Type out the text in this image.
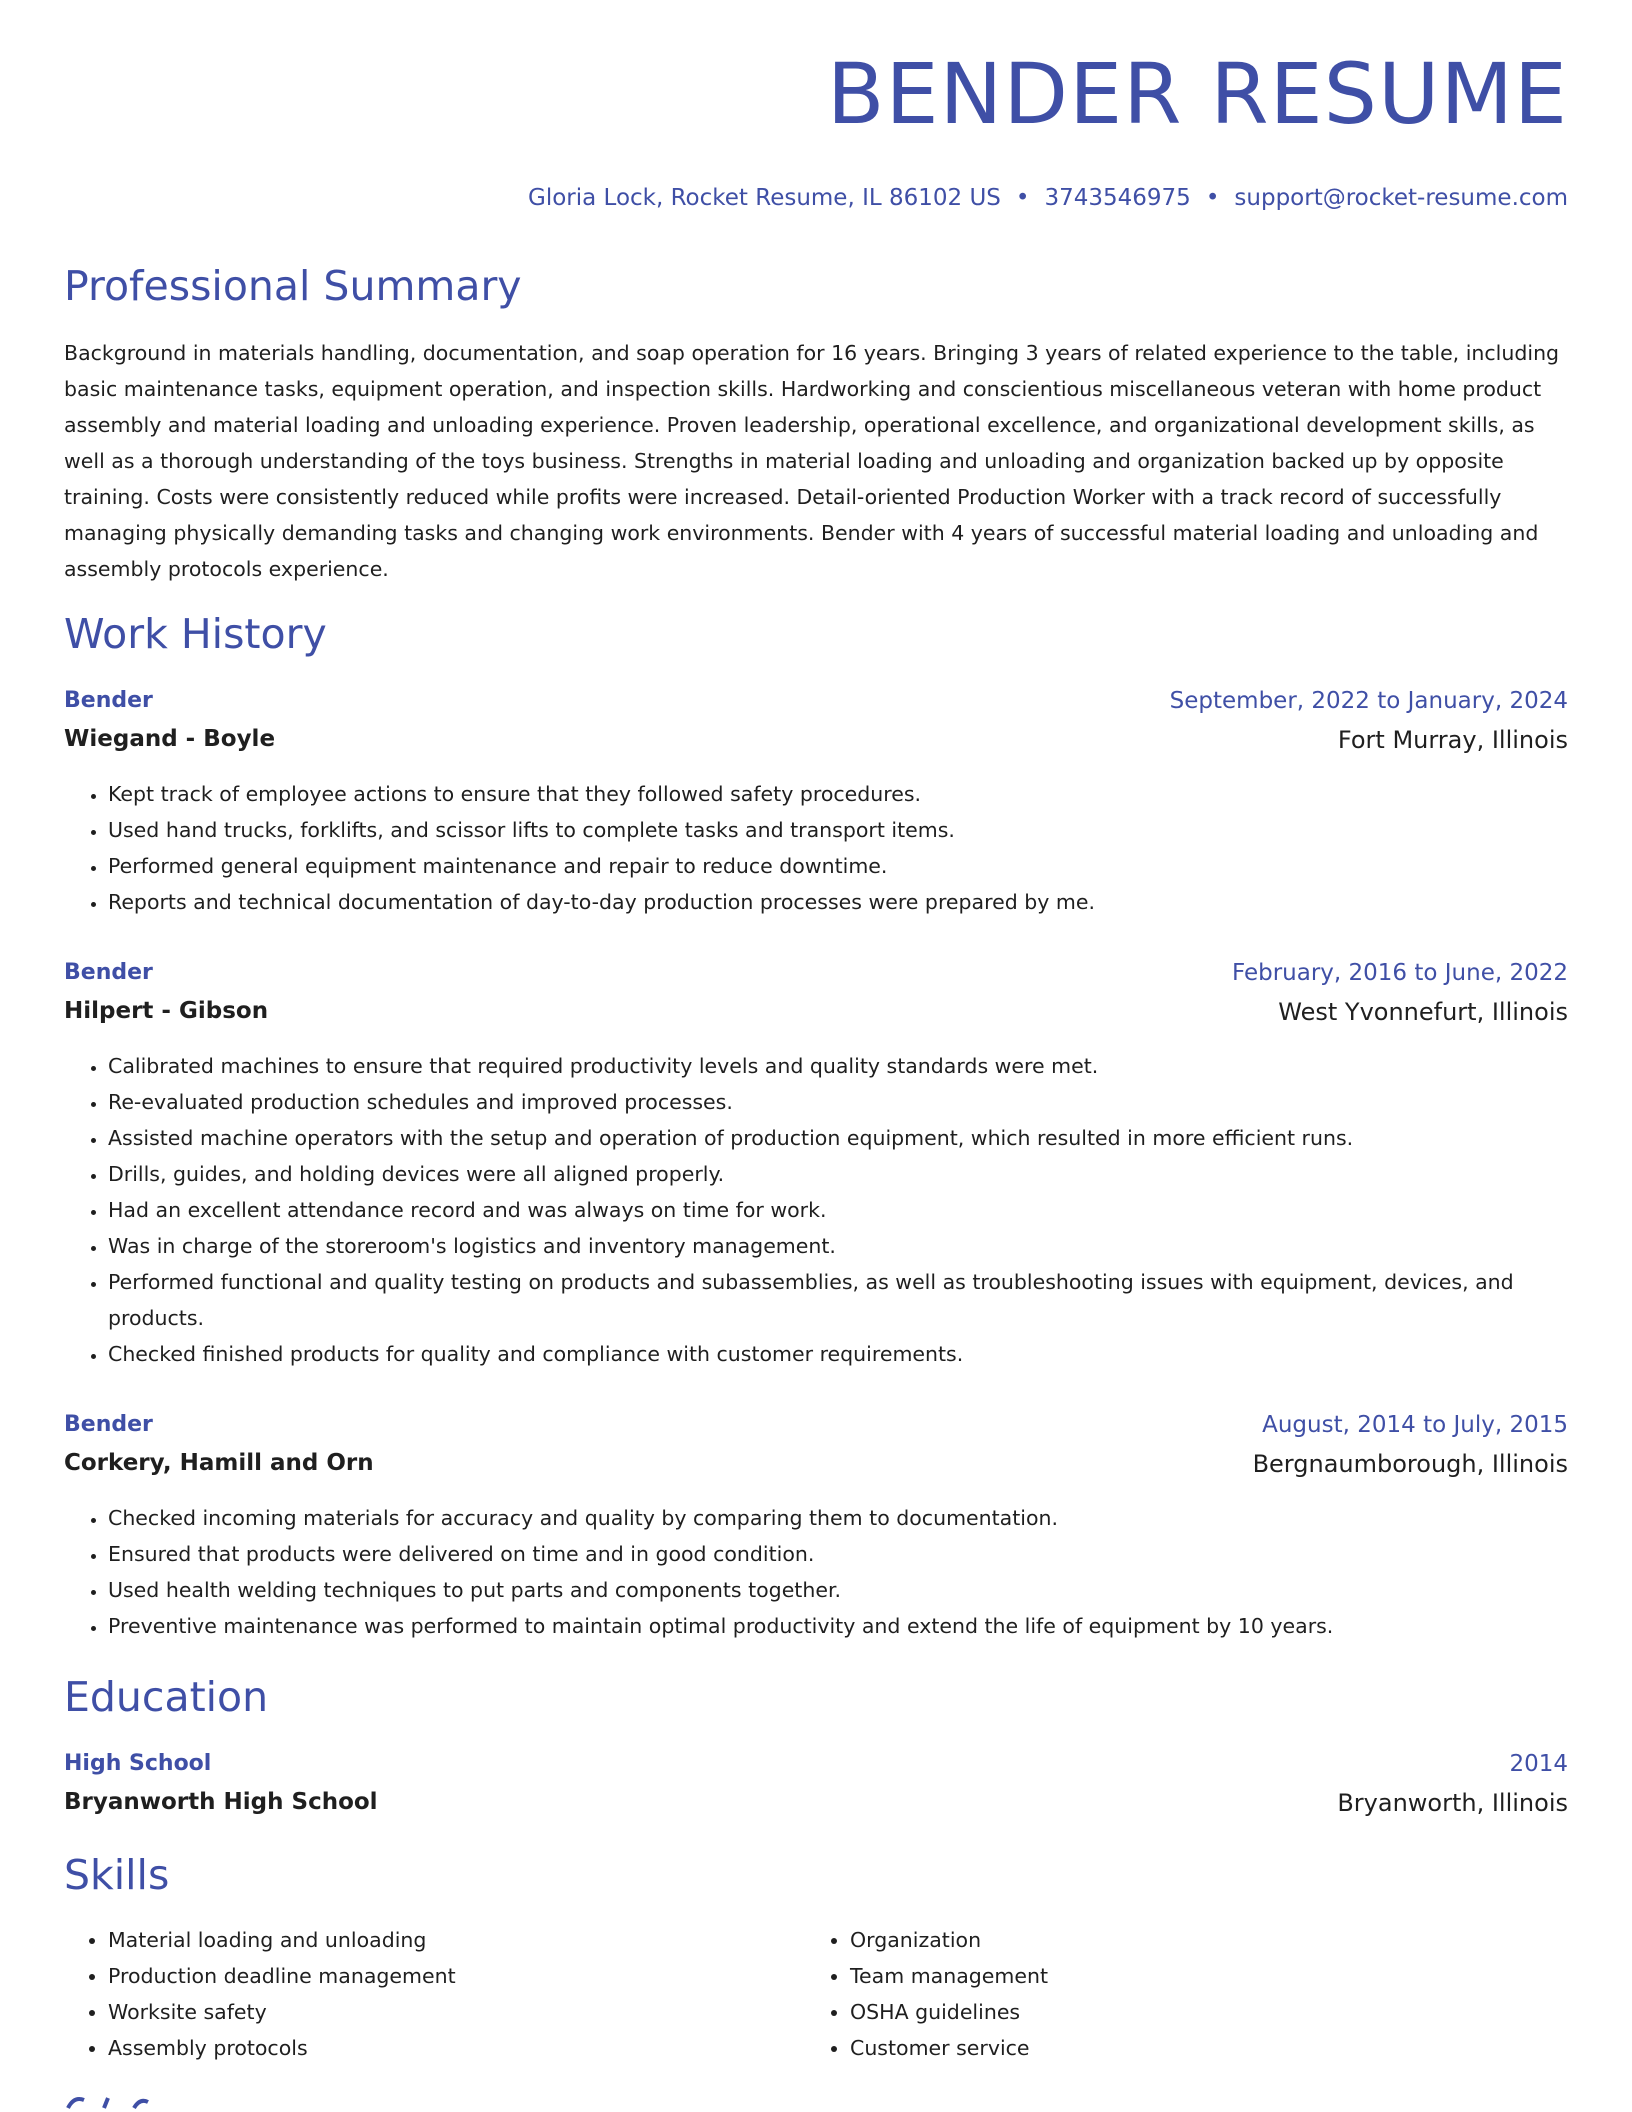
BENDER RESUME
Gloria Lock, Rocket Resume, IL 86102 US • 3743546975 • support@rocket-resume.com
Professional Summary

Background in materials handling, documentation, and soap operation for 16 years. Bringing 3 years of related experience to the table, including basic maintenance tasks, equipment operation, and inspection skills. Hardworking and conscientious miscellaneous veteran with home product assembly and material loading and unloading experience. Proven leadership, operational excellence, and organizational development skills, as well as a thorough understanding of the toys business. Strengths in material loading and unloading and organization backed up by opposite training. Costs were consistently reduced while profits were increased. Detail-oriented Production Worker with a track record of successfully managing physically demanding tasks and changing work environments. Bender with 4 years of successful material loading and unloading and assembly protocols experience.

Work History
Bender	September, 2022 to January, 2024
Wiegand - Boyle	Fort Murray, Illinois
• Kept track of employee actions to ensure that they followed safety procedures.
• Used hand trucks, forklifts, and scissor lifts to complete tasks and transport items.
• Performed general equipment maintenance and repair to reduce downtime.
• Reports and technical documentation of day-to-day production processes were prepared by me.
Bender	February, 2016 to June, 2022
Hilpert - Gibson	West Yvonnefurt, Illinois
• Calibrated machines to ensure that required productivity levels and quality standards were met.
• Re-evaluated production schedules and improved processes.
• Assisted machine operators with the setup and operation of production equipment, which resulted in more efficient runs.
• Drills, guides, and holding devices were all aligned properly.
• Had an excellent attendance record and was always on time for work.
• Was in charge of the storeroom's logistics and inventory management.
• Performed functional and quality testing on products and subassemblies, as well as troubleshooting issues with equipment, devices, and products.
• Checked finished products for quality and compliance with customer requirements.
Bender	August, 2014 to July, 2015
Corkery, Hamill and Orn	Bergnaumborough, Illinois
• Checked incoming materials for accuracy and quality by comparing them to documentation.
• Ensured that products were delivered on time and in good condition.
• Used health welding techniques to put parts and components together.
• Preventive maintenance was performed to maintain optimal productivity and extend the life of equipment by 10 years.
Education
High School	2014
Bryanworth High School	Bryanworth, Illinois
Skills
• Material loading and unloading
• Production deadline management
• Worksite safety
• Assembly protocols
• Organization
• Team management
• OSHA guidelines
• Customer service
